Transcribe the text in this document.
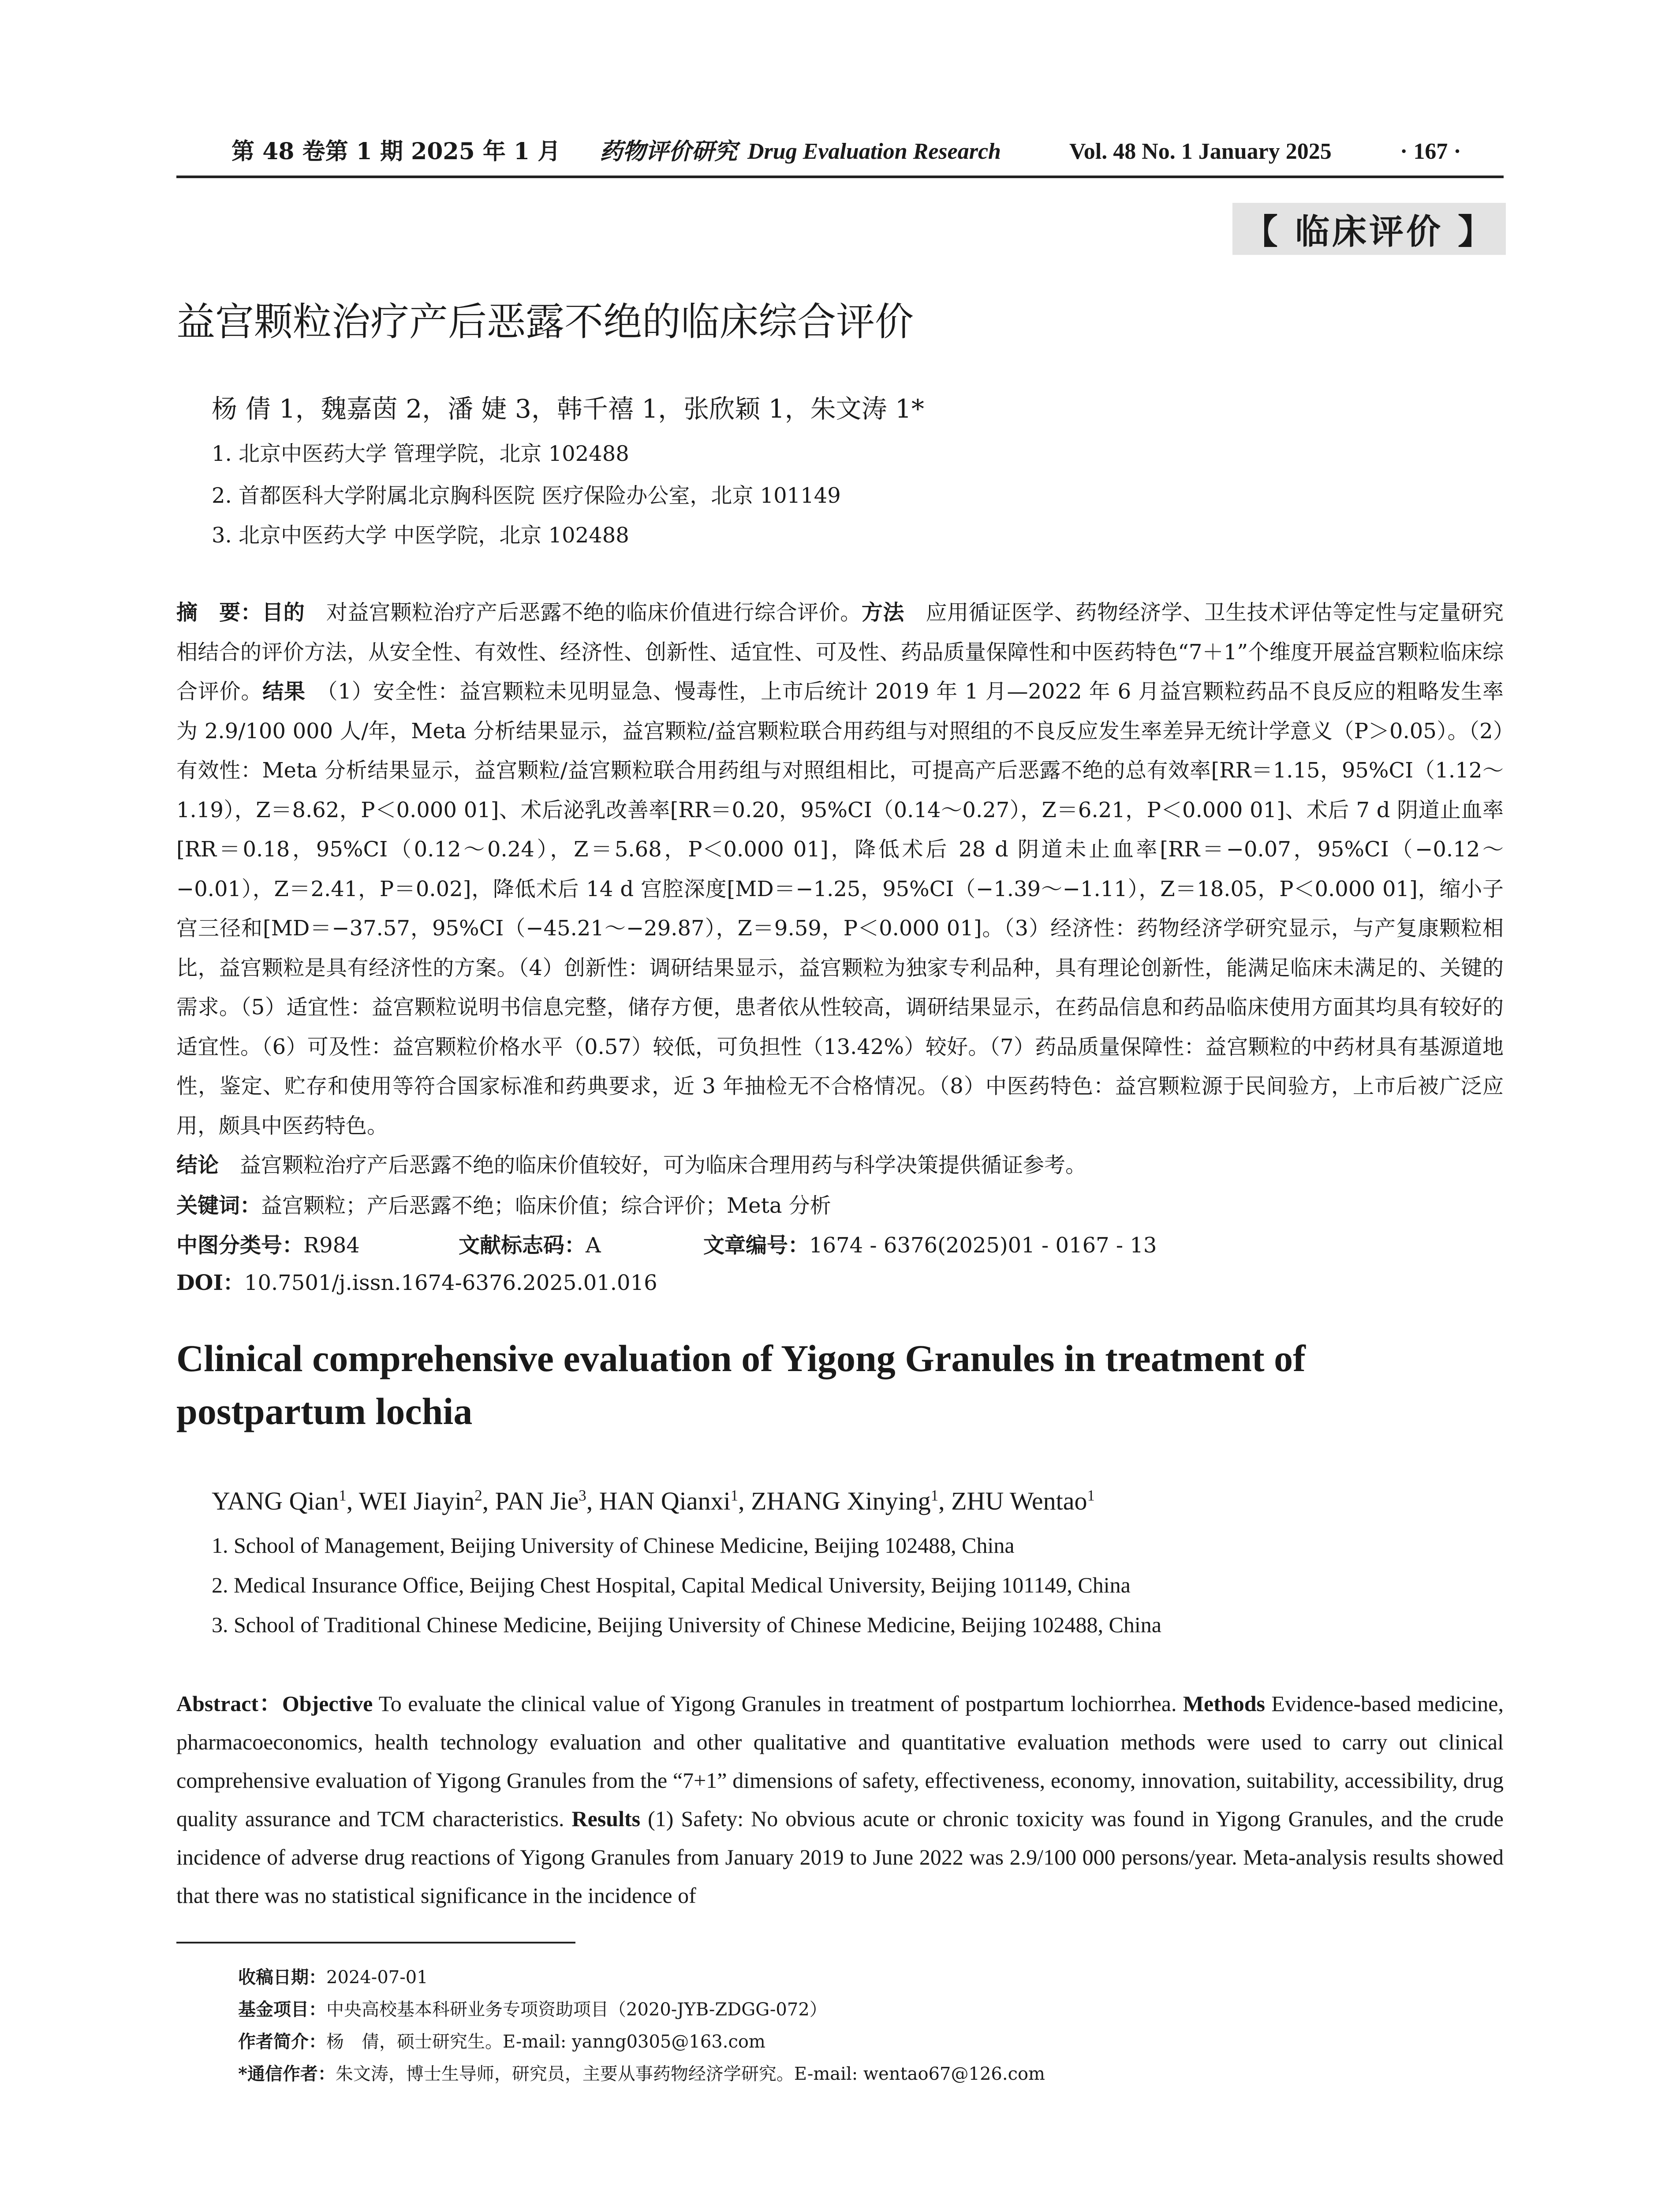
第 48 卷第 1 期 2025 年 1 月 药物评价研究 Drug Evaluation Research	Vol. 48 No. 1 January 2025	· 167 ·
【 临床评价 】
益宫颗粒治疗产后恶露不绝的临床综合评价
杨 倩 1，魏嘉茵 2，潘 婕 3，韩千禧 1，张欣颖 1，朱文涛 1*
1. 北京中医药大学 管理学院，北京 102488
2. 首都医科大学附属北京胸科医院 医疗保险办公室，北京 101149
3. 北京中医药大学 中医学院，北京 102488

摘　要：目的　对益宫颗粒治疗产后恶露不绝的临床价值进行综合评价。方法　应用循证医学、药物经济学、卫生技术评估等定性与定量研究相结合的评价方法，从安全性、有效性、经济性、创新性、适宜性、可及性、药品质量保障性和中医药特色“7＋1”个维度开展益宫颗粒临床综合评价。结果　（1）安全性：益宫颗粒未见明显急、慢毒性，上市后统计 2019 年 1 月—2022 年 6 月益宫颗粒药品不良反应的粗略发生率为 2.9/100 000 人/年，Meta 分析结果显示，益宫颗粒/益宫颗粒联合用药组与对照组的不良反应发生率差异无统计学意义（P＞0.05）。（2）有效性：Meta 分析结果显示，益宫颗粒/益宫颗粒联合用药组与对照组相比，可提高产后恶露不绝的总有效率[RR＝1.15，95%CI（1.12～1.19），Z＝8.62，P＜0.000 01]、术后泌乳改善率[RR＝0.20，95%CI（0.14～0.27），Z＝6.21，P＜0.000 01]、术后 7 d 阴道止血率[RR＝0.18，95%CI（0.12～0.24），Z＝5.68，P＜0.000 01]，降低术后 28 d 阴道未止血率[RR＝−0.07，95%CI（−0.12～−0.01），Z＝2.41，P＝0.02]，降低术后 14 d 宫腔深度[MD＝−1.25，95%CI（−1.39～−1.11），Z＝18.05，P＜0.000 01]，缩小子宫三径和[MD＝−37.57，95%CI（−45.21～−29.87），Z＝9.59，P＜0.000 01]。（3）经济性：药物经济学研究显示，与产复康颗粒相比，益宫颗粒是具有经济性的方案。（4）创新性：调研结果显示，益宫颗粒为独家专利品种，具有理论创新性，能满足临床未满足的、关键的需求。（5）适宜性：益宫颗粒说明书信息完整，储存方便，患者依从性较高，调研结果显示，在药品信息和药品临床使用方面其均具有较好的适宜性。（6）可及性：益宫颗粒价格水平（0.57）较低，可负担性（13.42%）较好。（7）药品质量保障性：益宫颗粒的中药材具有基源道地性，鉴定、贮存和使用等符合国家标准和药典要求，近 3 年抽检无不合格情况。（8）中医药特色：益宫颗粒源于民间验方，上市后被广泛应用，颇具中医药特色。

结论　益宫颗粒治疗产后恶露不绝的临床价值较好，可为临床合理用药与科学决策提供循证参考。

关键词：益宫颗粒；产后恶露不绝；临床价值；综合评价；Meta 分析
中图分类号：R984	文献标志码：A	文章编号：1674 - 6376(2025)01 - 0167 - 13
DOI：10.7501/j.issn.1674-6376.2025.01.016
Clinical comprehensive evaluation of Yigong Granules in treatment of postpartum lochia
YANG Qian$^1$, WEI Jiayin$^2$, PAN Jie$^3$, HAN Qianxi$^1$, ZHANG Xinying$^1$, ZHU Wentao$^1$
1. School of Management, Beijing University of Chinese Medicine, Beijing 102488, China
2. Medical Insurance Office, Beijing Chest Hospital, Capital Medical University, Beijing 101149, China
3. School of Traditional Chinese Medicine, Beijing University of Chinese Medicine, Beijing 102488, China
Abstract：Objective To evaluate the clinical value of Yigong Granules in treatment of postpartum lochiorrhea. Methods Evidence-based medicine, pharmacoeconomics, health technology evaluation and other qualitative and quantitative evaluation methods were used to carry out clinical comprehensive evaluation of Yigong Granules from the “7+1” dimensions of safety, effectiveness, economy, innovation, suitability, accessibility, drug quality assurance and TCM characteristics. Results (1) Safety: No obvious acute or chronic toxicity was found in Yigong Granules, and the crude incidence of adverse drug reactions of Yigong Granules from January 2019 to June 2022 was 2.9/100 000 persons/year. Meta-analysis results showed that there was no statistical significance in the incidence of
收稿日期：2024-07-01
基金项目：中央高校基本科研业务专项资助项目（2020-JYB-ZDGG-072）
作者简介：杨　倩，硕士研究生。E-mail: yanng0305@163.com
*通信作者：朱文涛，博士生导师，研究员，主要从事药物经济学研究。E-mail: wentao67@126.com
